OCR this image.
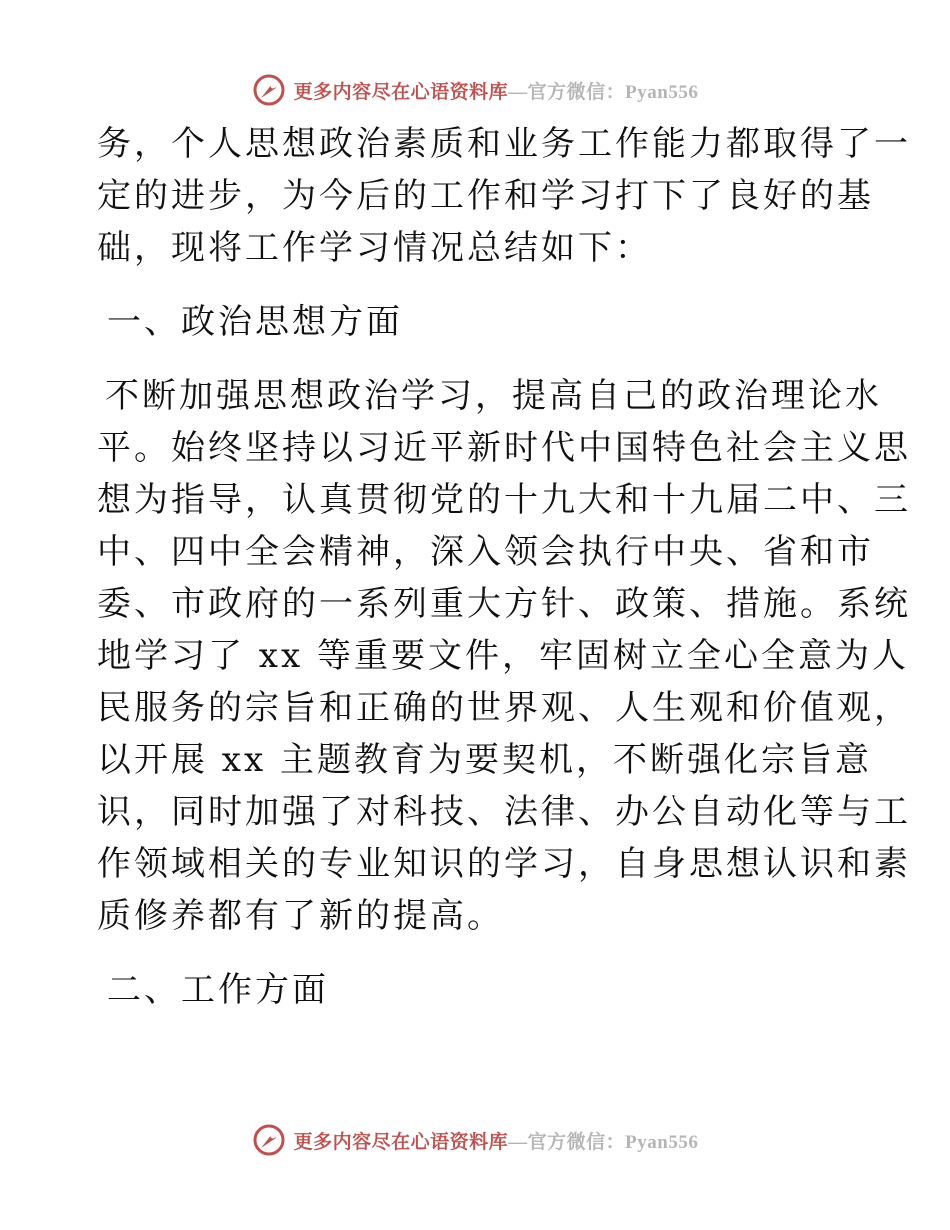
更多内容尽在心语资料库—官方微信：Pyan556
务，个人思想政治素质和业务工作能力都取得了一
定的进步，为今后的工作和学习打下了良好的基
础，现将工作学习情况总结如下：
一、政治思想方面
不断加强思想政治学习，提高自己的政治理论水
平。始终坚持以习近平新时代中国特色社会主义思
想为指导，认真贯彻党的十九大和十九届二中、三
中、四中全会精神，深入领会执行中央、省和市
委、市政府的一系列重大方针、政策、措施。系统
地学习了 xx 等重要文件，牢固树立全心全意为人
民服务的宗旨和正确的世界观、人生观和价值观，
以开展 xx 主题教育为要契机，不断强化宗旨意
识，同时加强了对科技、法律、办公自动化等与工
作领域相关的专业知识的学习，自身思想认识和素
质修养都有了新的提高。
二、工作方面
更多内容尽在心语资料库—官方微信：Pyan556
